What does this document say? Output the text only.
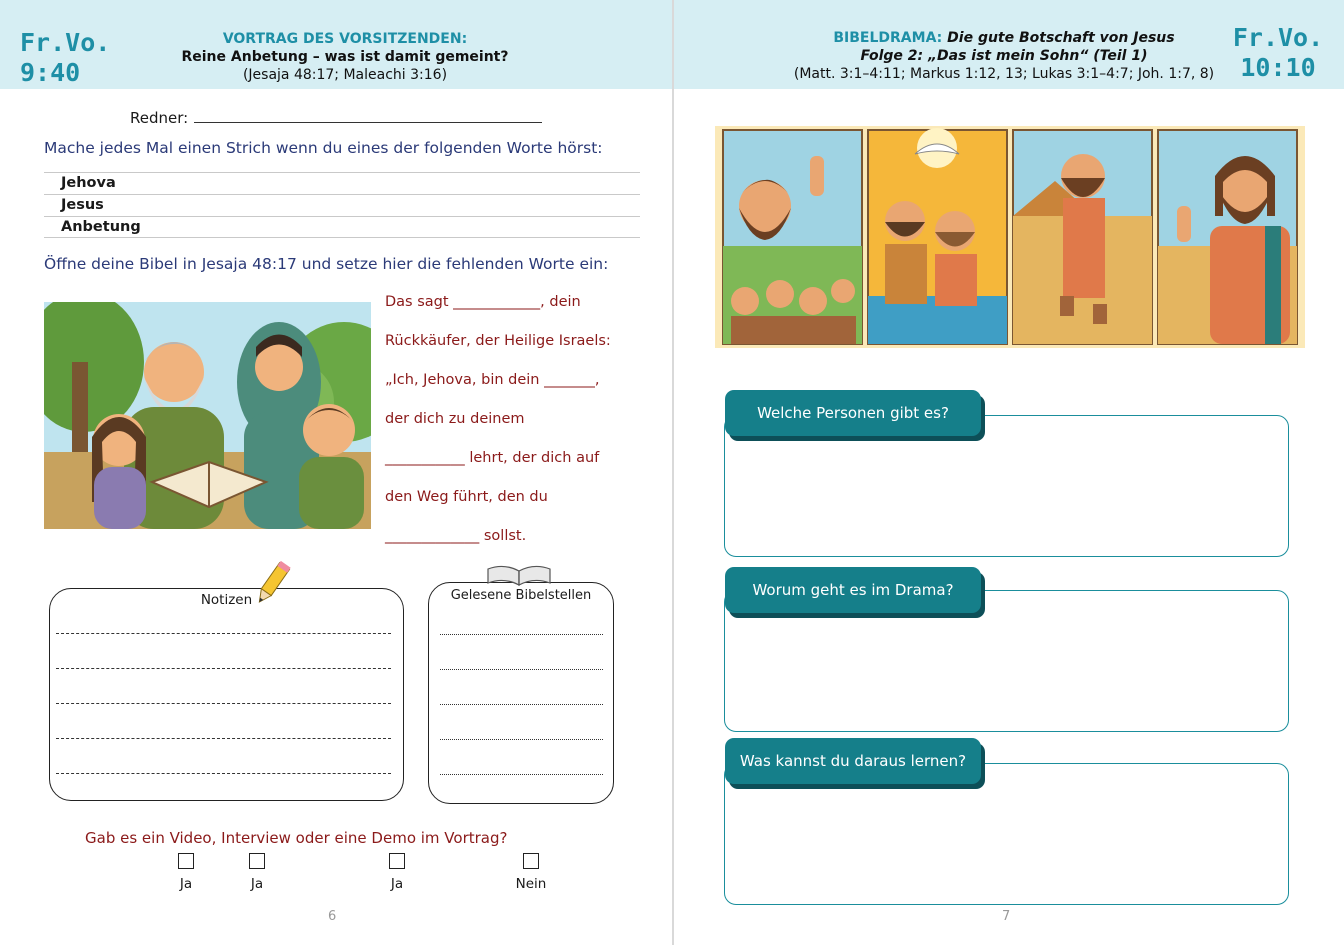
Fr.Vo.
9:40
VORTRAG DES VORSITZENDEN:
Reine Anbetung – was ist damit gemeint?
(Jesaja 48:17; Maleachi 3:16)
Redner:
Mache jedes Mal einen Strich wenn du eines der folgenden Worte hörst:
Jehova
Jesus
Anbetung
Öffne deine Bibel in Jesaja 48:17 und setze hier die fehlenden Worte ein:
Das sagt ____________, dein
Rückkäufer, der Heilige Israels:
„Ich, Jehova, bin dein _______,
der dich zu deinem
___________ lehrt, der dich auf
den Weg führt, den du
_____________ sollst.
Notizen	Gelesene Bibelstellen
Gab es ein Video, Interview oder eine Demo im Vortrag?
Ja	Ja	Ja	Nein
6
BIBELDRAMA: Die gute Botschaft von Jesus
Folge 2: „Das ist mein Sohn“ (Teil 1)
(Matt. 3:1–4:11; Markus 1:12, 13; Lukas 3:1–4:7; Joh. 1:7, 8)
Fr.Vo.
10:10
Welche Personen gibt es?
Worum geht es im Drama?
Was kannst du daraus lernen?
7
